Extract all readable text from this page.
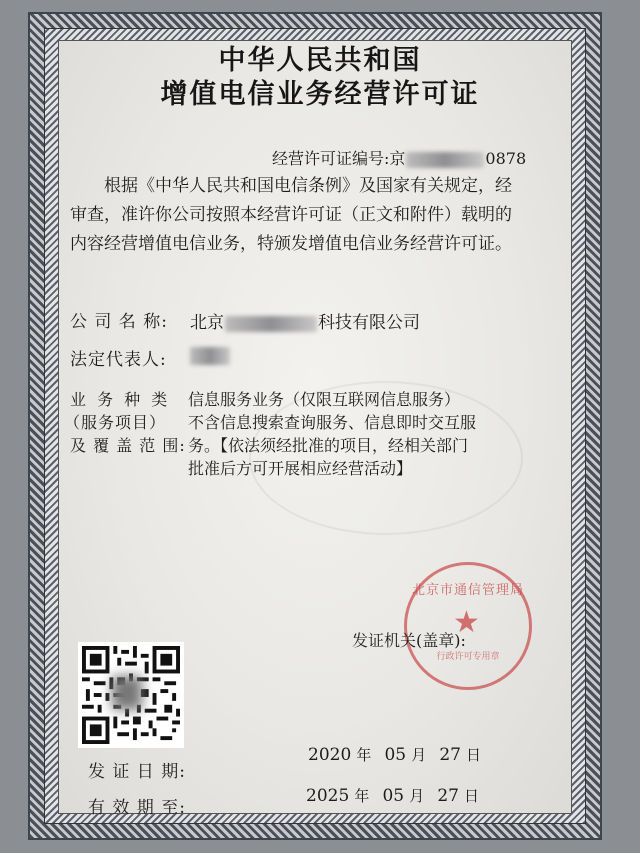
中华人民共和国
增值电信业务经营许可证
经营许可证编号:京	0878
根据《中华人民共和国电信条例》及国家有关规定，经
审查，准许你公司按照本经营许可证（正文和附件）载明的
内容经营增值电信业务，特颁发增值电信业务经营许可证。
公 司 名 称: 北京	科技有限公司
法定代表人:
业 务 种 类
（服务项目）
及 覆 盖 范 围:
信息服务业务（仅限互联网信息服务）
不含信息搜索查询服务、信息即时交互服
务。【依法须经批准的项目，经相关部门
批准后方可开展相应经营活动】
北京市通信管理局
★
行政许可专用章
发证机关(盖章):
发 证 日 期:
2020 年 05 月 27 日
有 效 期 至:
2025 年 05 月 27 日
